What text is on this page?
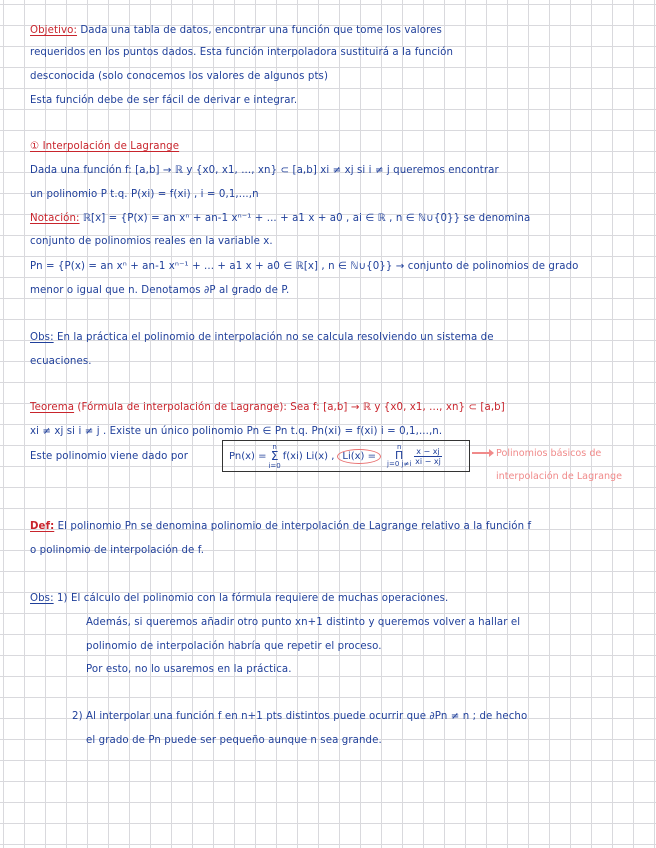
Objetivo: Dada una tabla de datos, encontrar una función que tome los valores
requeridos en los puntos dados. Esta función interpoladora sustituirá a la función
desconocida (solo conocemos los valores de algunos pts)
Esta función debe de ser fácil de derivar e integrar.
① Interpolación de Lagrange
Dada una función f: [a,b] → ℝ y {x0, x1, ..., xn} ⊂ [a,b] xi ≠ xj si i ≠ j queremos encontrar
un polinomio P t.q. P(xi) = f(xi) , i = 0,1,...,n
Notación: ℝ[x] = {P(x) = an xⁿ + an-1 xⁿ⁻¹ + ... + a1 x + a0 , ai ∈ ℝ , n ∈ ℕ∪{0}} se denomina
conjunto de polinomios reales en la variable x.
Pn = {P(x) = an xⁿ + an-1 xⁿ⁻¹ + ... + a1 x + a0 ∈ ℝ[x] , n ∈ ℕ∪{0}} → conjunto de polinomios de grado
menor o igual que n. Denotamos ∂P al grado de P.
Obs: En la práctica el polinomio de interpolación no se calcula resolviendo un sistema de
ecuaciones.
Teorema (Fórmula de interpolación de Lagrange): Sea f: [a,b] → ℝ y {x0, x1, ..., xn} ⊂ [a,b]
xi ≠ xj si i ≠ j . Existe un único polinomio Pn ∈ Pn t.q. Pn(xi) = f(xi) i = 0,1,...,n.
Este polinomio viene dado por	Pn(x) =
n
Σ
i=0
f(xi) Li(x) , Li(x) =
n
Π
j=0 $j\ne i \frac{x - xj}{xi - xj}$	Polinomios básicos de
interpolación de Lagrange
Def: El polinomio Pn se denomina polinomio de interpolación de Lagrange relativo a la función f
o polinomio de interpolación de f.
Obs: 1) El cálculo del polinomio con la fórmula requiere de muchas operaciones.
Además, si queremos añadir otro punto xn+1 distinto y queremos volver a hallar el
polinomio de interpolación habría que repetir el proceso.
Por esto, no lo usaremos en la práctica.
2) Al interpolar una función f en n+1 pts distintos puede ocurrir que ∂Pn ≠ n ; de hecho
el grado de Pn puede ser pequeño aunque n sea grande.
